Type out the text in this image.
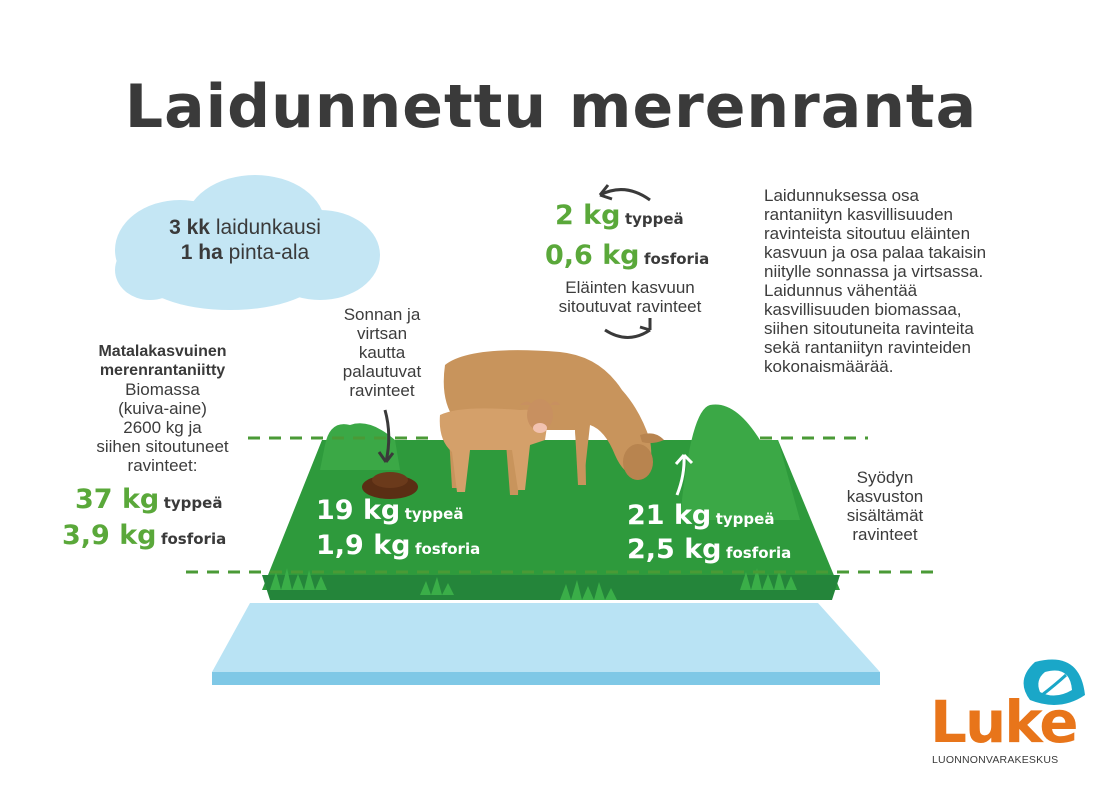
Laidunnettu merenranta
3 kk laidunkausi
1 ha pinta-ala
Matalakasvuinen
merenrantaniitty
Biomassa
(kuiva-aine)
2600 kg ja
siihen sitoutuneet
ravinteet:
37 kg typpeä
3,9 kg fosforia
Sonnan ja
virtsan
kautta
palautuvat
ravinteet
2 kg typpeä
0,6 kg fosforia
Eläinten kasvuun
sitoutuvat ravinteet
Laidunnuksessa osa
rantaniityn kasvillisuuden
ravinteista sitoutuu eläinten
kasvuun ja osa palaa takaisin
niitylle sonnassa ja virtsassa.
Laidunnus vähentää
kasvillisuuden biomassaa,
siihen sitoutuneita ravinteita
sekä rantaniityn ravinteiden
kokonaismäärää.
19 kg typpeä
1,9 kg fosforia
21 kg typpeä
2,5 kg fosforia
Syödyn
kasvuston
sisältämät
ravinteet
Luke
LUONNONVARAKESKUS
